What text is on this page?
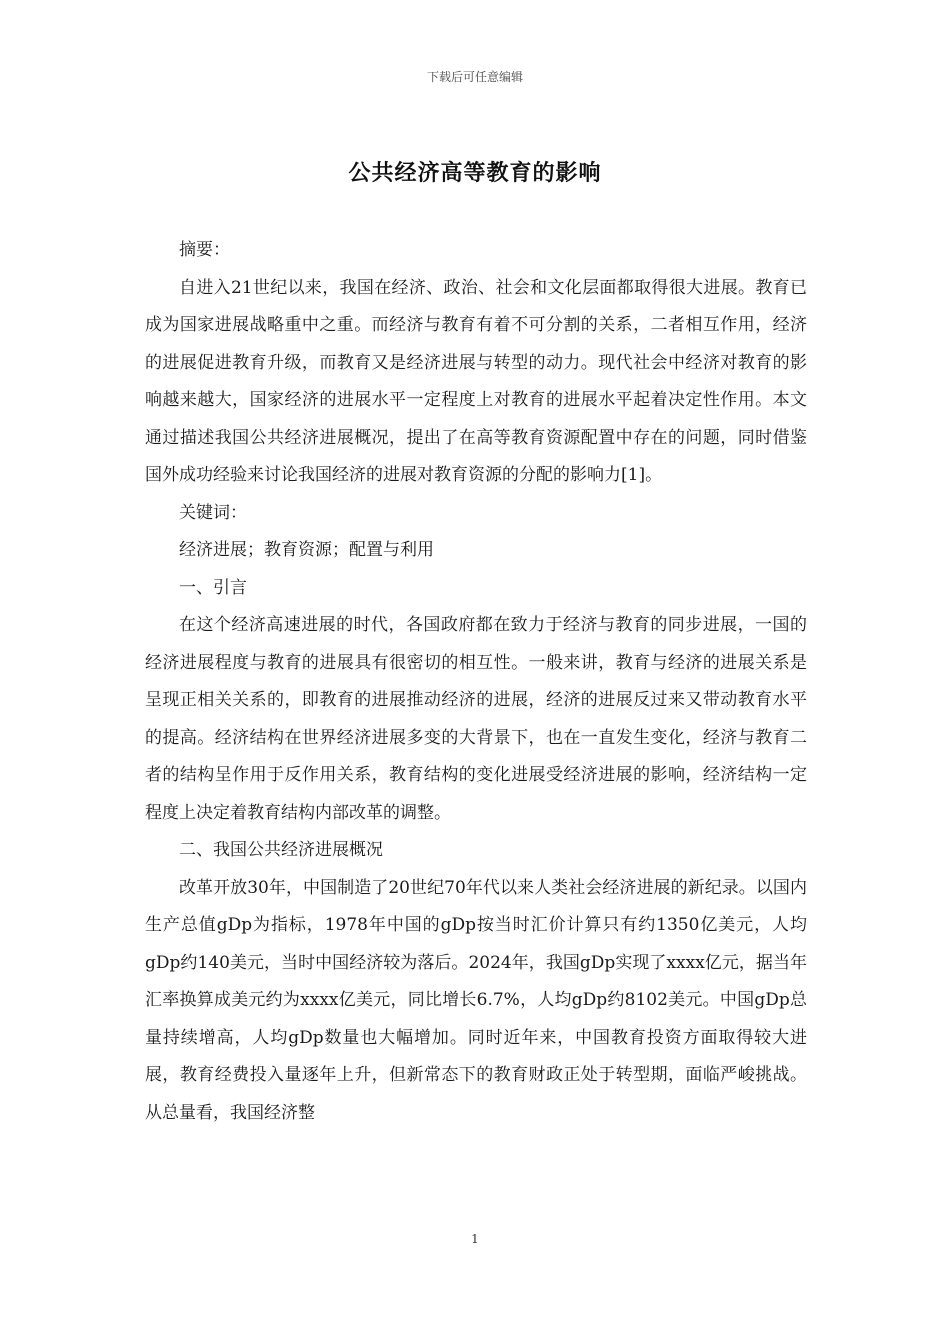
下载后可任意编辑
公共经济高等教育的影响

摘要：

自进入21世纪以来，我国在经济、政治、社会和文化层面都取得很大进展。教育已成为国家进展战略重中之重。而经济与教育有着不可分割的关系，二者相互作用，经济的进展促进教育升级，而教育又是经济进展与转型的动力。现代社会中经济对教育的影响越来越大，国家经济的进展水平一定程度上对教育的进展水平起着决定性作用。本文通过描述我国公共经济进展概况，提出了在高等教育资源配置中存在的问题，同时借鉴国外成功经验来讨论我国经济的进展对教育资源的分配的影响力[1]。

关键词：

经济进展；教育资源；配置与利用

一、引言

在这个经济高速进展的时代，各国政府都在致力于经济与教育的同步进展，一国的经济进展程度与教育的进展具有很密切的相互性。一般来讲，教育与经济的进展关系是呈现正相关关系的，即教育的进展推动经济的进展，经济的进展反过来又带动教育水平的提高。经济结构在世界经济进展多变的大背景下，也在一直发生变化，经济与教育二者的结构呈作用于反作用关系，教育结构的变化进展受经济进展的影响，经济结构一定程度上决定着教育结构内部改革的调整。

二、我国公共经济进展概况

改革开放30年，中国制造了20世纪70年代以来人类社会经济进展的新纪录。以国内生产总值gDp为指标，1978年中国的gDp按当时汇价计算只有约1350亿美元，人均gDp约140美元，当时中国经济较为落后。2024年，我国gDp实现了xxxx亿元，据当年汇率换算成美元约为xxxx亿美元，同比增长6.7%，人均gDp约8102美元。中国gDp总量持续增高，人均gDp数量也大幅增加。同时近年来，中国教育投资方面取得较大进展，教育经费投入量逐年上升，但新常态下的教育财政正处于转型期，面临严峻挑战。从总量看，我国经济整

1
